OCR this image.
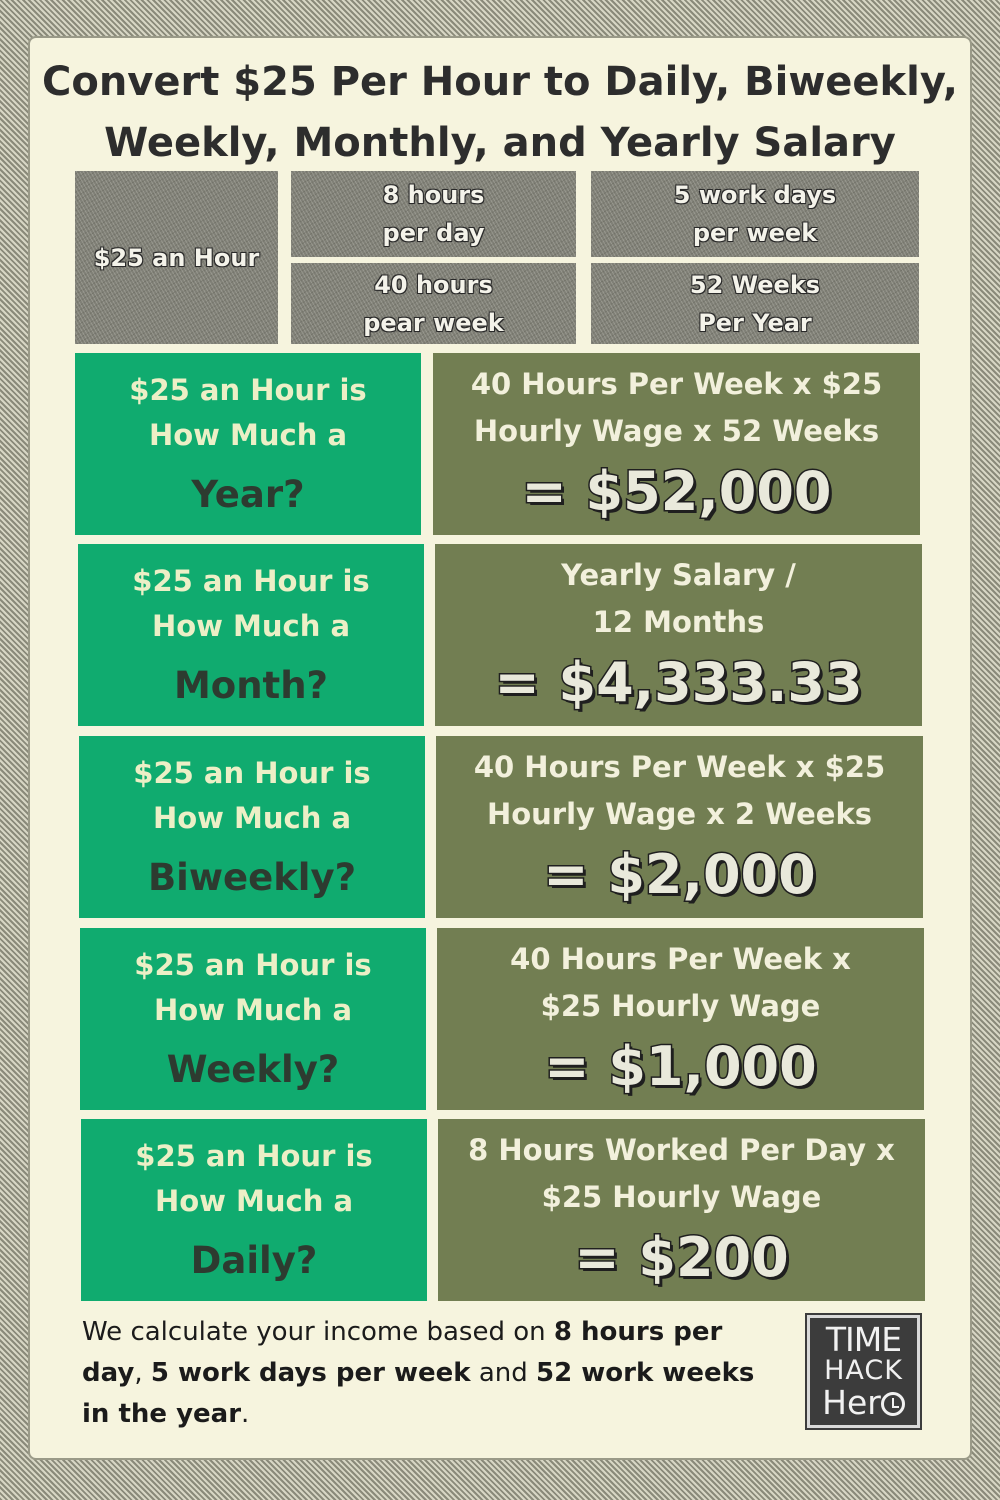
Convert $25 Per Hour to Daily, Biweekly,
Weekly, Monthly, and Yearly Salary
$25 an Hour
8 hours
per day
5 work days
per week
40 hours
pear week
52 Weeks
Per Year
$25 an Hour is
How Much a
Year?
40 Hours Per Week x $25
Hourly Wage x 52 Weeks
= $52,000
$25 an Hour is
How Much a
Month?
Yearly Salary /
12 Months
= $4,333.33
$25 an Hour is
How Much a
Biweekly?
40 Hours Per Week x $25
Hourly Wage x 2 Weeks
= $2,000
$25 an Hour is
How Much a
Weekly?
40 Hours Per Week x
$25 Hourly Wage
= $1,000
$25 an Hour is
How Much a
Daily?
8 Hours Worked Per Day x
$25 Hourly Wage
= $200

We calculate your income based on 8 hours per day, 5 work days per week and 52 work weeks in the year.

TIME
HACK
Her
